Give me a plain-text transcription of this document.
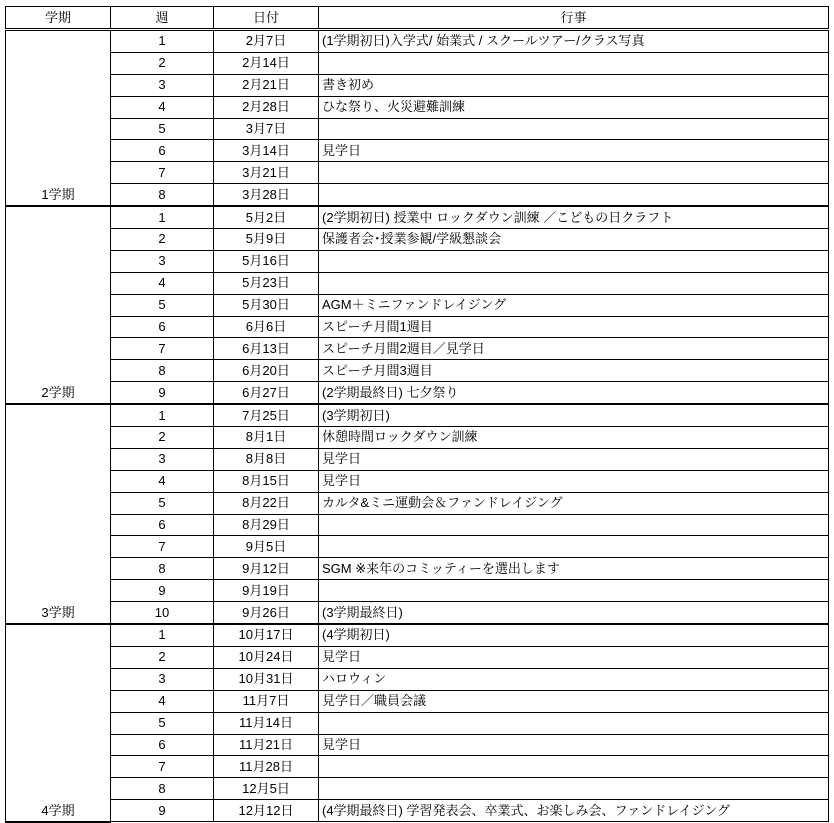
学期	週	日付	行事
1学期	1	2月7日	(1学期初日)入学式/ 始業式 / スクールツアー/クラス写真
	2	2月14日	
	3	2月21日	書き初め
	4	2月28日	ひな祭り、火災避難訓練
	5	3月7日	
	6	3月14日	見学日
	7	3月21日	
	8	3月28日	
2学期	1	5月2日	(2学期初日) 授業中 ロックダウン訓練 ／こどもの日クラフト
	2	5月9日	保護者会･授業参観/学級懇談会
	3	5月16日	
	4	5月23日	
	5	5月30日	AGM＋ミニファンドレイジング
	6	6月6日	スピーチ月間1週目
	7	6月13日	スピーチ月間2週目／見学日
	8	6月20日	スピーチ月間3週目
	9	6月27日	(2学期最終日) 七夕祭り
3学期	1	7月25日	(3学期初日)
	2	8月1日	休憩時間ロックダウン訓練
	3	8月8日	見学日
	4	8月15日	見学日
	5	8月22日	カルタ&ミニ運動会＆ファンドレイジング
	6	8月29日	
	7	9月5日	
	8	9月12日	SGM ※来年のコミッティーを選出します
	9	9月19日	
	10	9月26日	(3学期最終日)
4学期	1	10月17日	(4学期初日)
	2	10月24日	見学日
	3	10月31日	ハロウィン
	4	11月7日	見学日／職員会議
	5	11月14日	
	6	11月21日	見学日
	7	11月28日	
	8	12月5日	
	9	12月12日	(4学期最終日) 学習発表会、卒業式、お楽しみ会、ファンドレイジング
